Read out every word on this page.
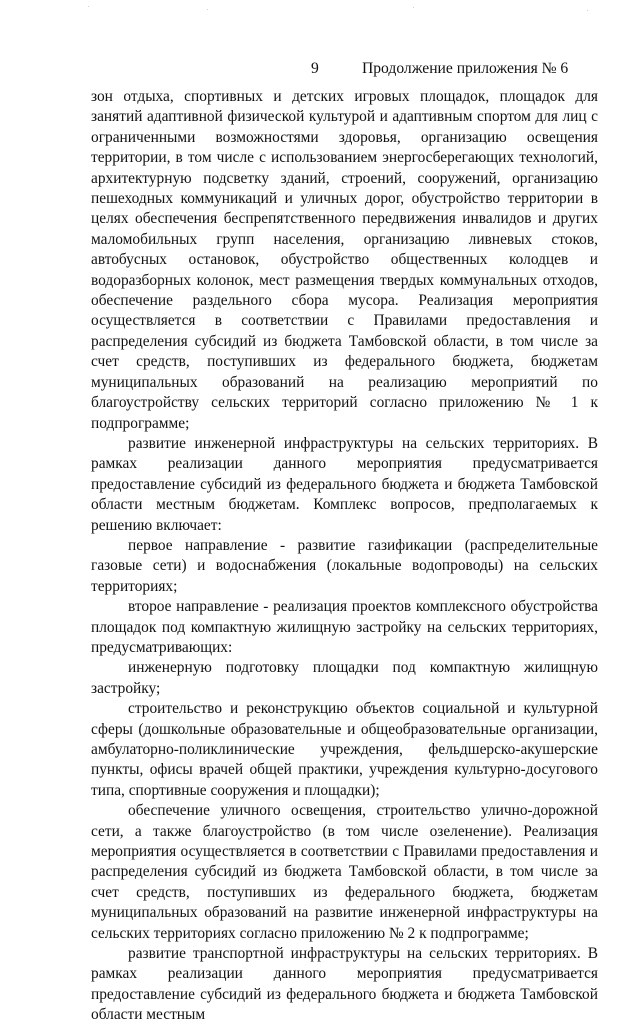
9	Продолжение приложения № 6

зон отдыха, спортивных и детских игровых площадок, площадок для занятий адаптивной физической культурой и адаптивным спортом для лиц с ограниченными возможностями здоровья, организацию освещения территории, в том числе с использованием энергосберегающих технологий, архитектурную подсветку зданий, строений, сооружений, организацию пешеходных коммуникаций и уличных дорог, обустройство территории в целях обеспечения беспрепятственного передвижения инвалидов и других маломобильных групп населения, организацию ливневых стоков, автобусных остановок, обустройство общественных колодцев и водоразборных колонок, мест размещения твердых коммунальных отходов, обеспечение раздельного сбора мусора. Реализация мероприятия осуществляется в соответствии с Правилами предоставления и распределения субсидий из бюджета Тамбовской области, в том числе за счет средств, поступивших из федерального бюджета, бюджетам муниципальных образований на реализацию мероприятий по благоустройству сельских территорий согласно приложению № 1 к подпрограмме;

развитие инженерной инфраструктуры на сельских территориях. В рамках реализации данного мероприятия предусматривается предоставление субсидий из федерального бюджета и бюджета Тамбовской области местным бюджетам. Комплекс вопросов, предполагаемых к решению включает:

первое направление - развитие газификации (распределительные газовые сети) и водоснабжения (локальные водопроводы) на сельских территориях;

второе направление - реализация проектов комплексного обустройства площадок под компактную жилищную застройку на сельских территориях, предусматривающих:

инженерную подготовку площадки под компактную жилищную застройку;

строительство и реконструкцию объектов социальной и культурной сферы (дошкольные образовательные и общеобразовательные организации, амбулаторно-поликлинические учреждения, фельдшерско-акушерские пункты, офисы врачей общей практики, учреждения культурно-досугового типа, спортивные сооружения и площадки);

обеспечение уличного освещения, строительство улично-дорожной сети, а также благоустройство (в том числе озеленение). Реализация мероприятия осуществляется в соответствии с Правилами предоставления и распределения субсидий из бюджета Тамбовской области, в том числе за счет средств, поступивших из федерального бюджета, бюджетам муниципальных образований на развитие инженерной инфраструктуры на сельских территориях согласно приложению № 2 к подпрограмме;

развитие транспортной инфраструктуры на сельских территориях. В рамках реализации данного мероприятия предусматривается предоставление субсидий из федерального бюджета и бюджета Тамбовской области местным
